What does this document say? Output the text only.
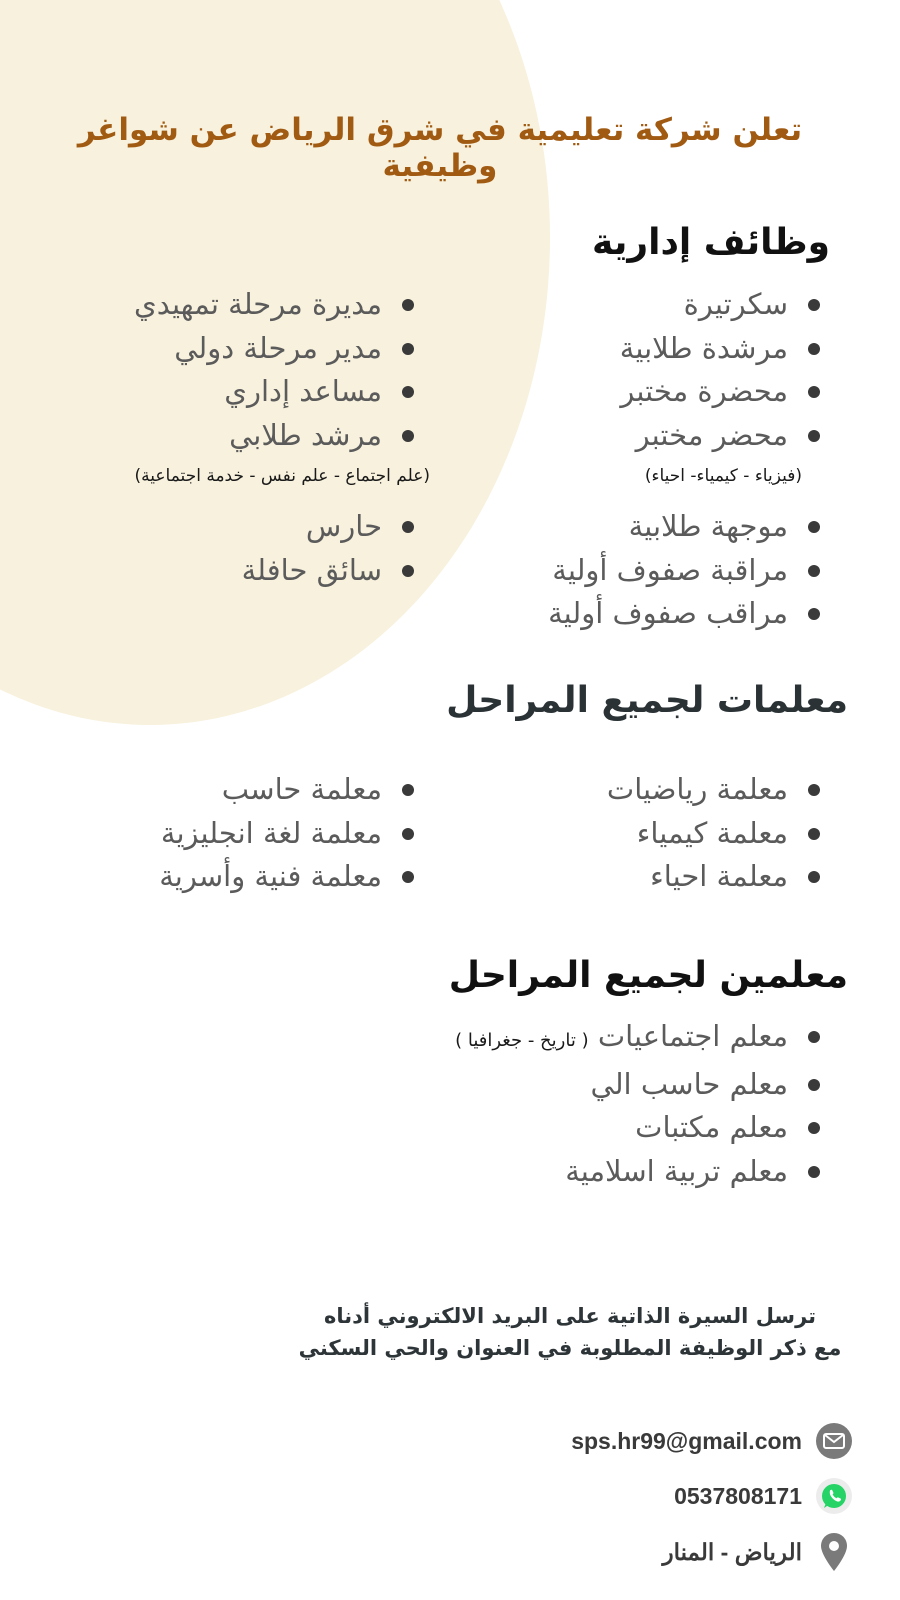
تعلن شركة تعليمية في شرق الرياض عن شواغر وظيفية
وظائف إدارية
سكرتيرة
مرشدة طلابية
محضرة مختبر
محضر مختبر
(فيزياء - كيمياء- احياء)
موجهة طلابية
مراقبة صفوف أولية
مراقب صفوف أولية
مديرة مرحلة تمهيدي
مدير مرحلة دولي
مساعد إداري
مرشد طلابي
(علم اجتماع - علم نفس - خدمة اجتماعية)
حارس
سائق حافلة
معلمات لجميع المراحل
معلمة رياضيات
معلمة كيمياء
معلمة احياء
معلمة حاسب
معلمة لغة انجليزية
معلمة فنية وأسرية
معلمين لجميع المراحل
معلم اجتماعيات ( تاريخ - جغرافيا )
معلم حاسب الي
معلم مكتبات
معلم تربية اسلامية
ترسل السيرة الذاتية على البريد الالكتروني أدناه
مع ذكر الوظيفة المطلوبة في العنوان والحي السكني
sps.hr99@gmail.com
0537808171
الرياض - المنار
